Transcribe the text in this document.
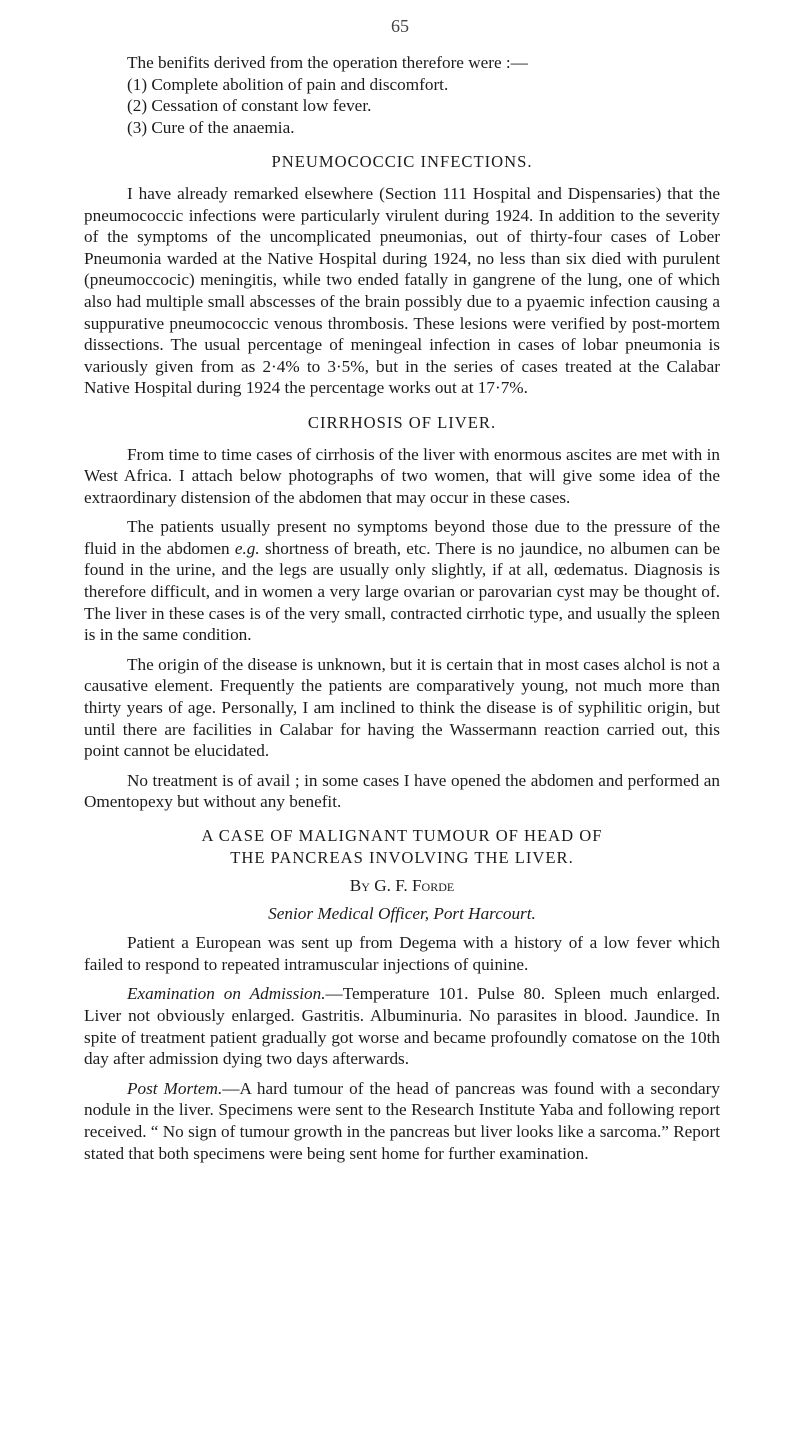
65

The benifits derived from the operation therefore were :—

(1) Complete abolition of pain and discomfort.

(2) Cessation of constant low fever.

(3) Cure of the anaemia.

PNEUMOCOCCIC INFECTIONS.

I have already remarked elsewhere (Section 111 Hospital and Dispensaries) that the pneumococcic infections were particularly virulent during 1924. In addition to the severity of the symptoms of the uncomplicated pneumonias, out of thirty-four cases of Lober Pneumonia warded at the Native Hospital during 1924, no less than six died with purulent (pneumoccocic) meningitis, while two ended fatally in gangrene of the lung, one of which also had multiple small abscesses of the brain possibly due to a pyaemic infection causing a suppurative pneumococcic venous thrombosis. These lesions were verified by post-mortem dissections. The usual percentage of meningeal infection in cases of lobar pneumonia is variously given from as 2·4% to 3·5%, but in the series of cases treated at the Calabar Native Hospital during 1924 the percentage works out at 17·7%.

CIRRHOSIS OF LIVER.

From time to time cases of cirrhosis of the liver with enormous ascites are met with in West Africa. I attach below photographs of two women, that will give some idea of the extraordinary distension of the abdomen that may occur in these cases.

The patients usually present no symptoms beyond those due to the pressure of the fluid in the abdomen e.g. shortness of breath, etc. There is no jaundice, no albumen can be found in the urine, and the legs are usually only slightly, if at all, œdematus. Diagnosis is therefore difficult, and in women a very large ovarian or parovarian cyst may be thought of. The liver in these cases is of the very small, contracted cirrhotic type, and usually the spleen is in the same condition.

The origin of the disease is unknown, but it is certain that in most cases alchol is not a causative element. Frequently the patients are comparatively young, not much more than thirty years of age. Personally, I am inclined to think the disease is of syphilitic origin, but until there are facilities in Calabar for having the Wassermann reaction carried out, this point cannot be elucidated.

No treatment is of avail ; in some cases I have opened the abdomen and performed an Omentopexy but without any benefit.

A CASE OF MALIGNANT TUMOUR OF HEAD OF
THE PANCREAS INVOLVING THE LIVER.
By G. F. Forde
Senior Medical Officer, Port Harcourt.

Patient a European was sent up from Degema with a history of a low fever which failed to respond to repeated intramuscular injections of quinine.

Examination on Admission.—Temperature 101. Pulse 80. Spleen much enlarged. Liver not obviously enlarged. Gastritis. Albuminuria. No parasites in blood. Jaundice. In spite of treatment patient gradually got worse and became profoundly comatose on the 10th day after admission dying two days afterwards.

Post Mortem.—A hard tumour of the head of pancreas was found with a secondary nodule in the liver. Specimens were sent to the Research Institute Yaba and following report received. “ No sign of tumour growth in the pancreas but liver looks like a sarcoma.” Report stated that both specimens were being sent home for further examination.
